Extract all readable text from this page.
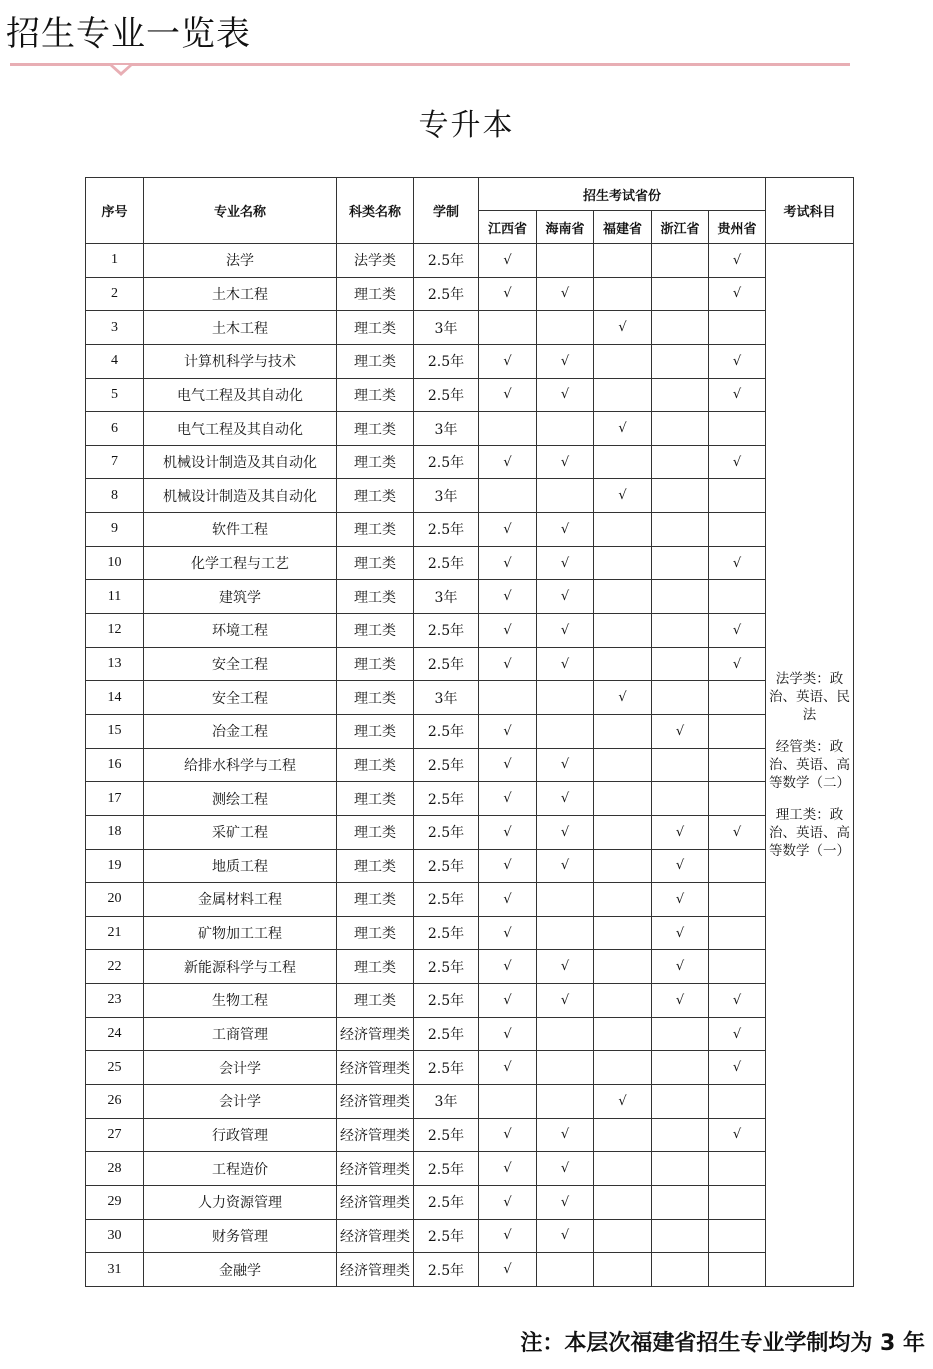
招生专业一览表
专升本
序号	专业名称	科类名称	学制	招生考试省份					考试科目
				江西省	海南省	福建省	浙江省	贵州省	
1	法学	法学类	2.5年	√				√	法学类：政治、英语、民法
经管类：政治、英语、高等数学（二）
理工类：政治、英语、高等数学（一）

2	土木工程	理工类	2.5年	√	√			√	
3	土木工程	理工类	3年			√			
4	计算机科学与技术	理工类	2.5年	√	√			√	
5	电气工程及其自动化	理工类	2.5年	√	√			√	
6	电气工程及其自动化	理工类	3年			√			
7	机械设计制造及其自动化	理工类	2.5年	√	√			√	
8	机械设计制造及其自动化	理工类	3年			√			
9	软件工程	理工类	2.5年	√	√				
10	化学工程与工艺	理工类	2.5年	√	√			√	
11	建筑学	理工类	3年	√	√				
12	环境工程	理工类	2.5年	√	√			√	
13	安全工程	理工类	2.5年	√	√			√	
14	安全工程	理工类	3年			√			
15	冶金工程	理工类	2.5年	√			√		
16	给排水科学与工程	理工类	2.5年	√	√				
17	测绘工程	理工类	2.5年	√	√				
18	采矿工程	理工类	2.5年	√	√		√	√	
19	地质工程	理工类	2.5年	√	√		√		
20	金属材料工程	理工类	2.5年	√			√		
21	矿物加工工程	理工类	2.5年	√			√		
22	新能源科学与工程	理工类	2.5年	√	√		√		
23	生物工程	理工类	2.5年	√	√		√	√	
24	工商管理	经济管理类	2.5年	√				√	
25	会计学	经济管理类	2.5年	√				√	
26	会计学	经济管理类	3年			√			
27	行政管理	经济管理类	2.5年	√	√			√	
28	工程造价	经济管理类	2.5年	√	√				
29	人力资源管理	经济管理类	2.5年	√	√				
30	财务管理	经济管理类	2.5年	√	√				
31	金融学	经济管理类	2.5年	√					
注：本层次福建省招生专业学制均为 3 年
